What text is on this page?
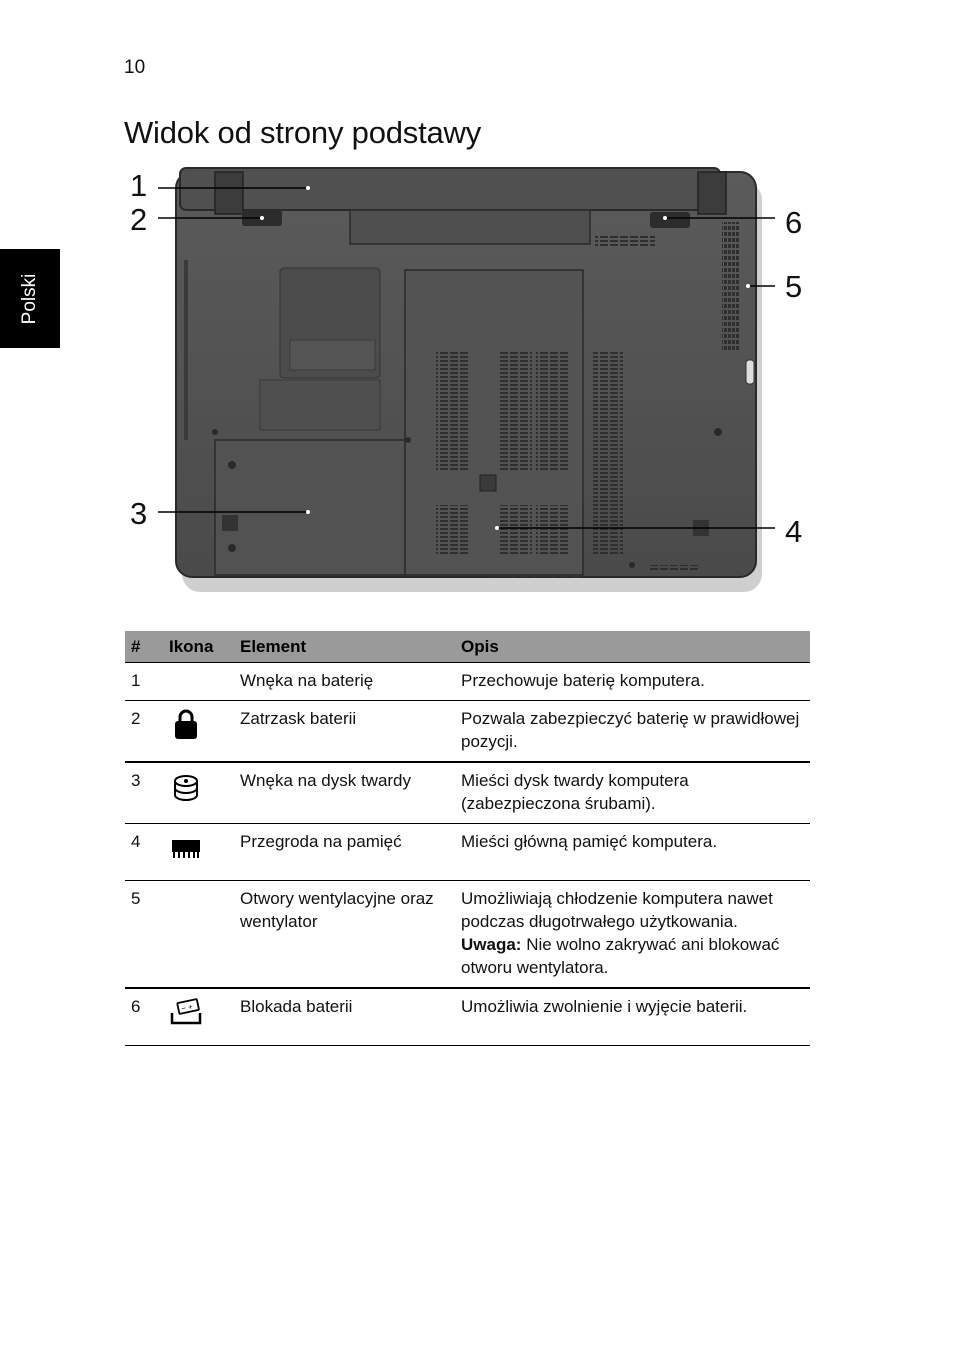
10
Widok od strony podstawy
Polski
1
2
3
4
5
6
#	Ikona	Element	Opis
1		Wnęka na baterię	Przechowuje baterię komputera.
2		Zatrzask baterii	Pozwala zabezpieczyć baterię w prawidłowej pozycji.
3		Wnęka na dysk twardy	Mieści dysk twardy komputera (zabezpieczona śrubami).
4		Przegroda na pamięć	Mieści główną pamięć komputera.
5		Otwory wentylacyjne oraz wentylator	Umożliwiają chłodzenie komputera nawet podczas długotrwałego użytkowania.
Uwaga: Nie wolno zakrywać ani blokować otworu wentylatora.
6	− +	Blokada baterii	Umożliwia zwolnienie i wyjęcie baterii.
